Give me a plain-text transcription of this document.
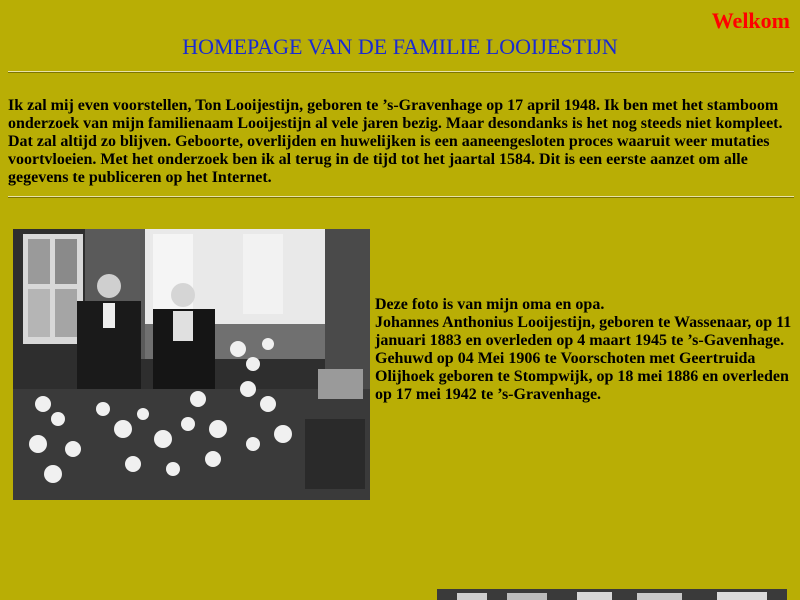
Welkom
HOMEPAGE VAN DE FAMILIE LOOIJESTIJN
Ik zal mij even voorstellen, Ton Looijestijn, geboren te ’s-Gravenhage op 17 april 1948. Ik ben met het stamboom onderzoek van mijn familienaam Looijestijn al vele jaren bezig. Maar desondanks is het nog steeds niet kompleet. Dat zal altijd zo blijven. Geboorte, overlijden en huwelijken is een aaneengesloten proces waaruit weer mutaties voortvloeien. Met het onderzoek ben ik al terug in de tijd tot het jaartal 1584. Dit is een eerste aanzet om alle gegevens te publiceren op het Internet.
Deze foto is van mijn oma en opa.
Johannes Anthonius Looijestijn, geboren te Wassenaar, op 11 januari 1883 en overleden op 4 maart 1945 te ’s-Gavenhage. Gehuwd op 04 Mei 1906 te Voorschoten met Geertruida Olijhoek geboren te Stompwijk, op 18 mei 1886 en overleden op 17 mei 1942 te ’s-Gravenhage.
